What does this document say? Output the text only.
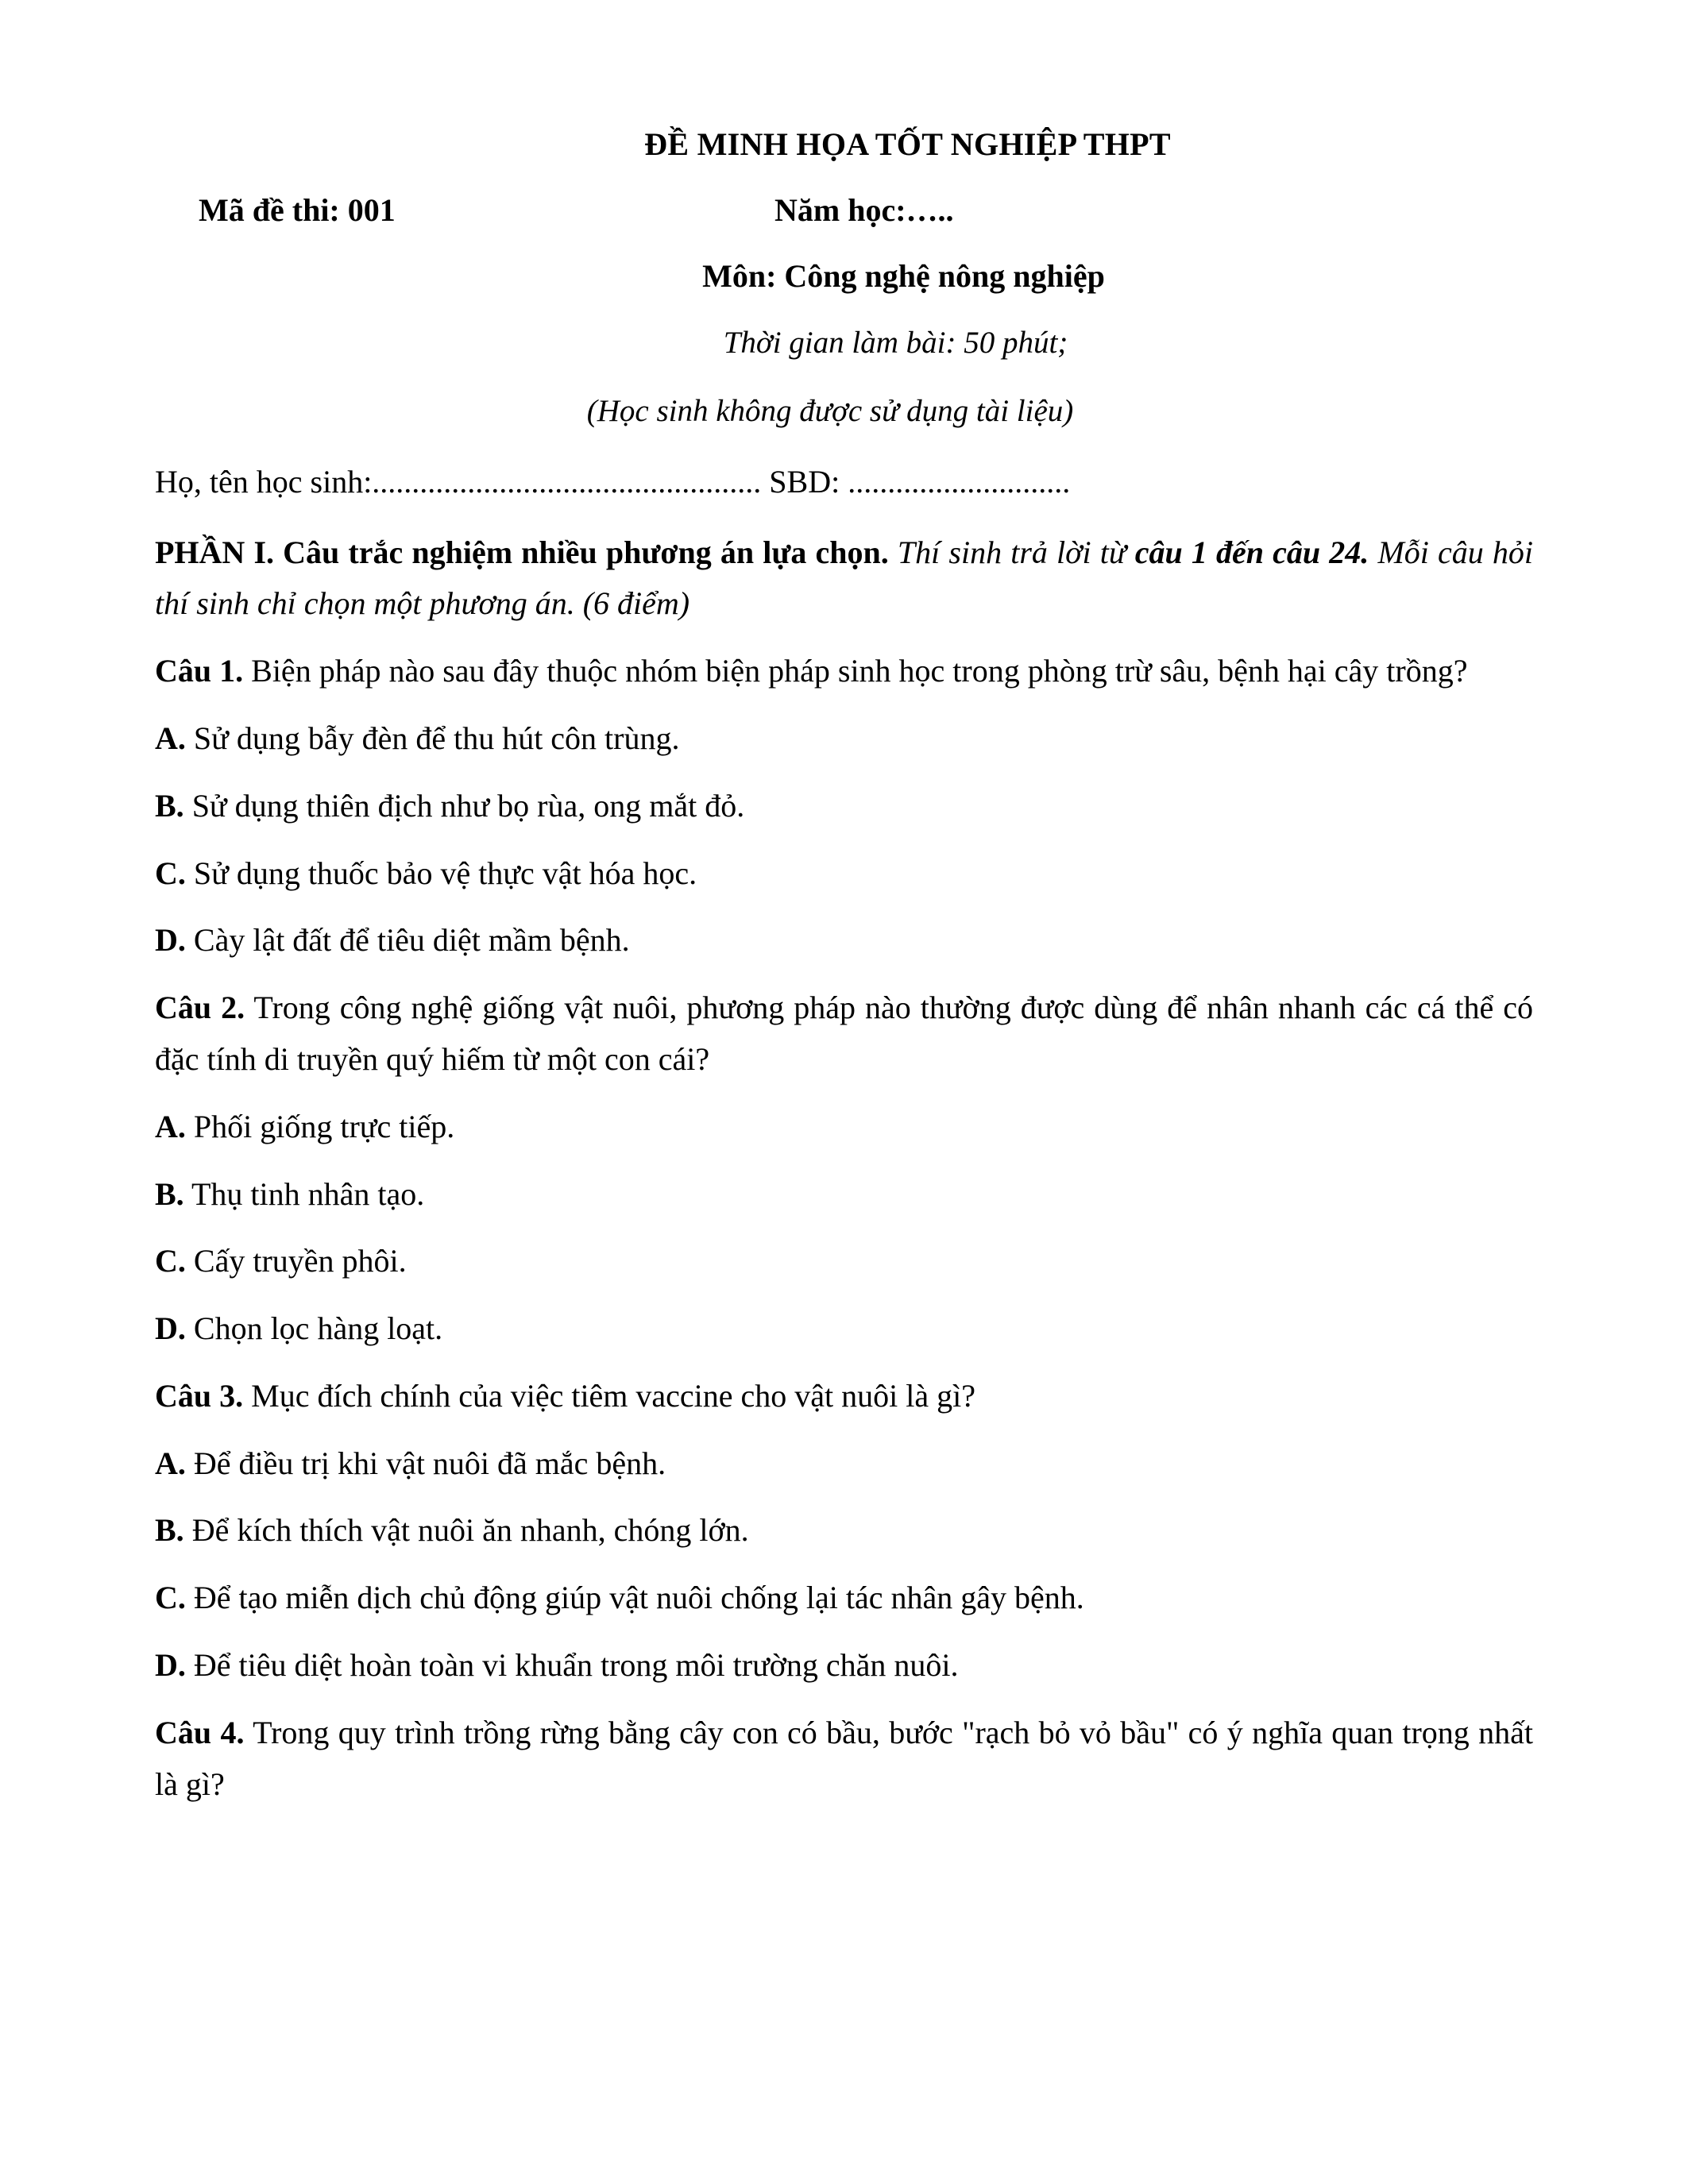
ĐỀ MINH HỌA TỐT NGHIỆP THPT
Mã đề thi: 001	Năm học:…..
Môn: Công nghệ nông nghiệp
Thời gian làm bài: 50 phút;
(Học sinh không được sử dụng tài liệu)
Họ, tên học sinh:................................................. SBD: ............................
PHẦN I. Câu trắc nghiệm nhiều phương án lựa chọn. Thí sinh trả lời từ câu 1 đến câu 24. Mỗi câu hỏi thí sinh chỉ chọn một phương án. (6 điểm)
Câu 1. Biện pháp nào sau đây thuộc nhóm biện pháp sinh học trong phòng trừ sâu, bệnh hại cây trồng?
A. Sử dụng bẫy đèn để thu hút côn trùng.
B. Sử dụng thiên địch như bọ rùa, ong mắt đỏ.
C. Sử dụng thuốc bảo vệ thực vật hóa học.
D. Cày lật đất để tiêu diệt mầm bệnh.
Câu 2. Trong công nghệ giống vật nuôi, phương pháp nào thường được dùng để nhân nhanh các cá thể có đặc tính di truyền quý hiếm từ một con cái?
A. Phối giống trực tiếp.
B. Thụ tinh nhân tạo.
C. Cấy truyền phôi.
D. Chọn lọc hàng loạt.
Câu 3. Mục đích chính của việc tiêm vaccine cho vật nuôi là gì?
A. Để điều trị khi vật nuôi đã mắc bệnh.
B. Để kích thích vật nuôi ăn nhanh, chóng lớn.
C. Để tạo miễn dịch chủ động giúp vật nuôi chống lại tác nhân gây bệnh.
D. Để tiêu diệt hoàn toàn vi khuẩn trong môi trường chăn nuôi.
Câu 4. Trong quy trình trồng rừng bằng cây con có bầu, bước "rạch bỏ vỏ bầu" có ý nghĩa quan trọng nhất là gì?
